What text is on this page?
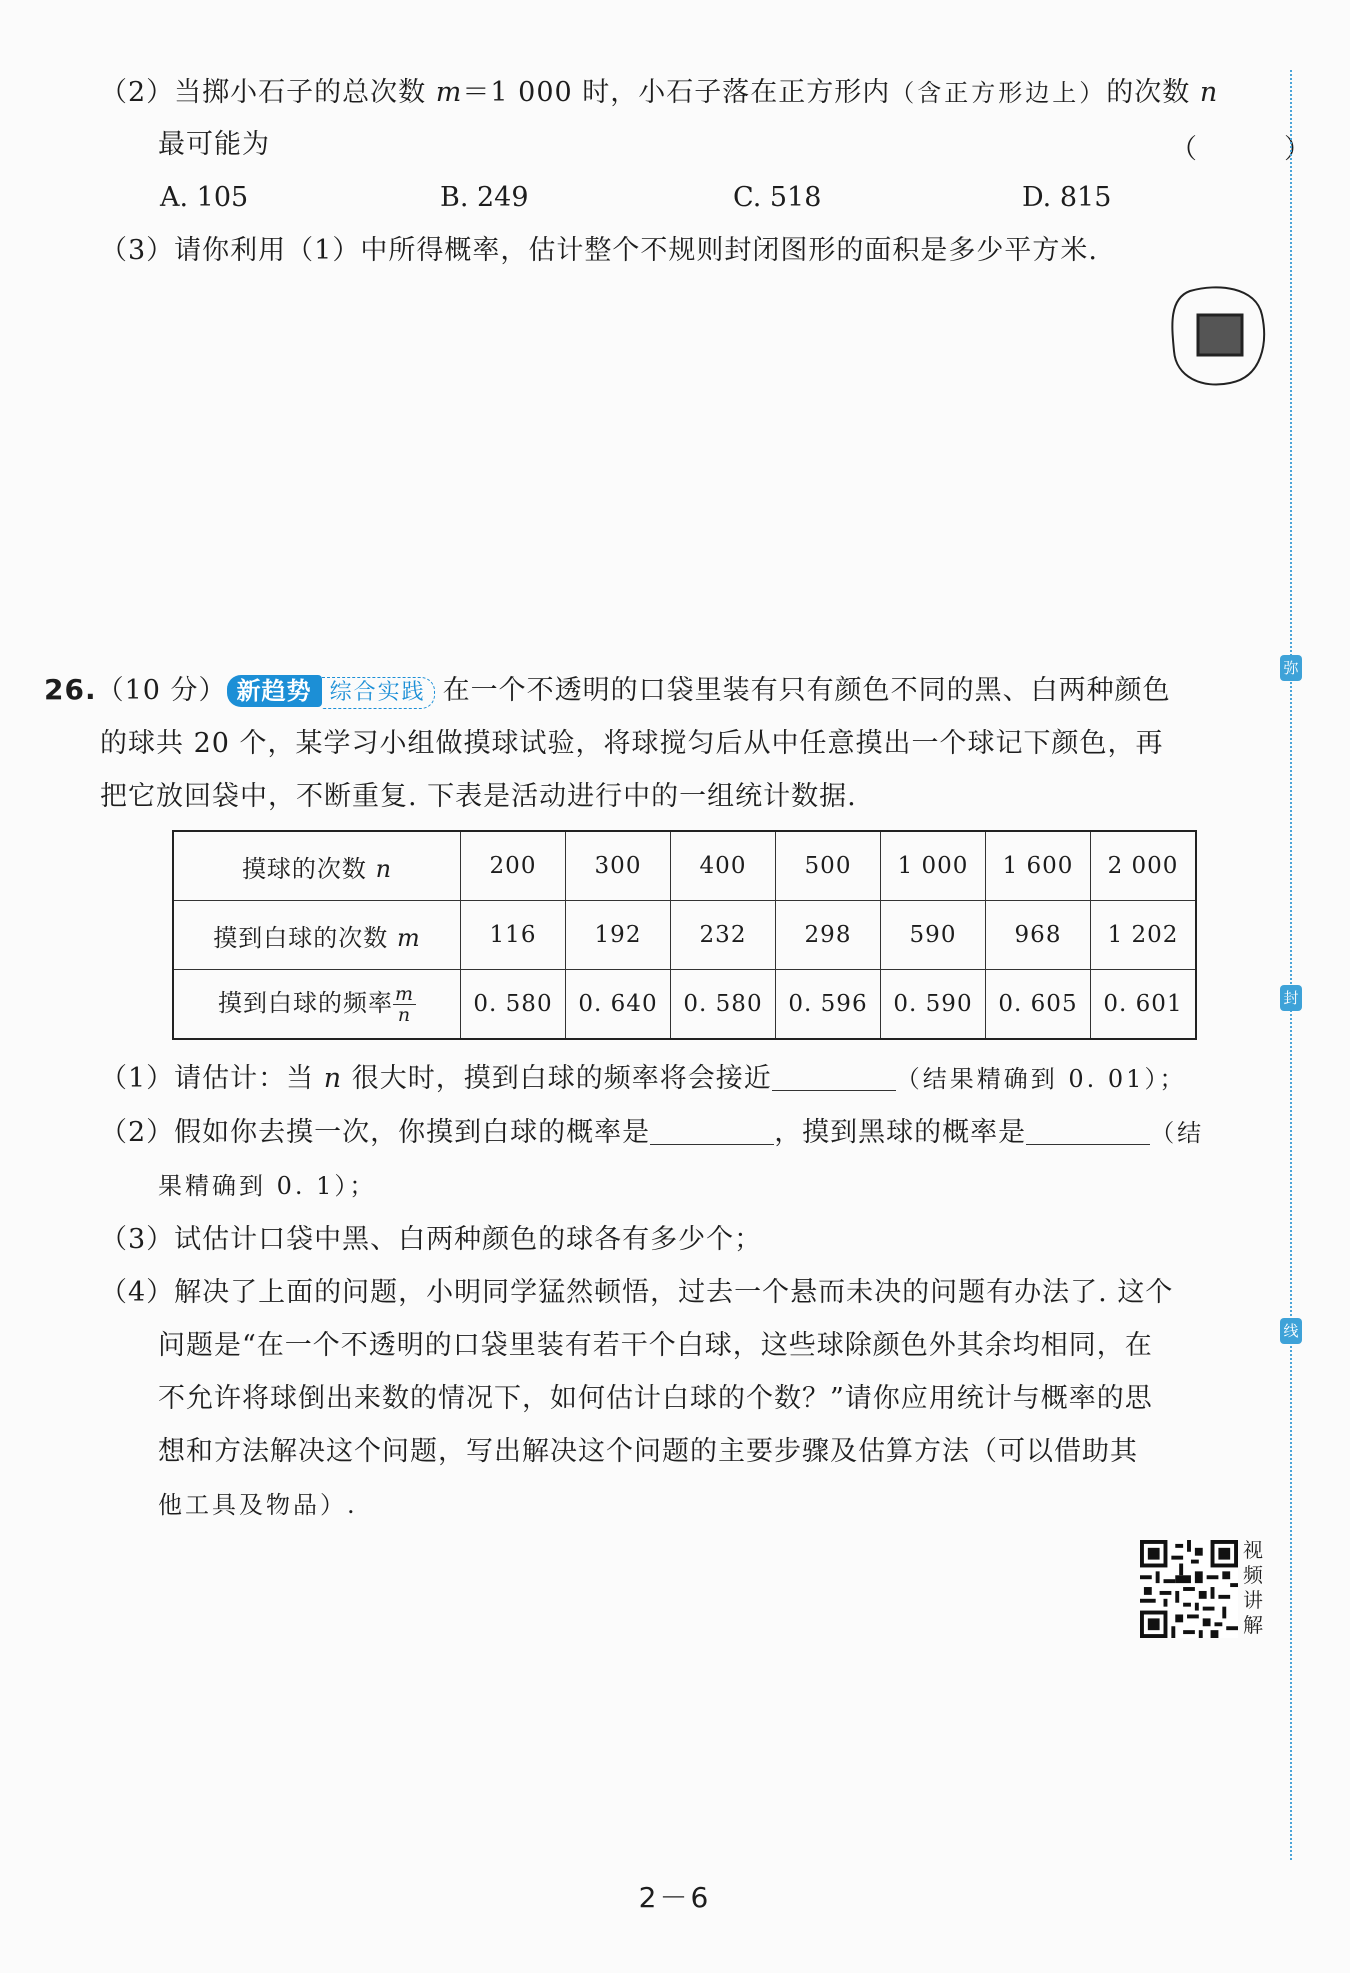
（2）当掷小石子的总次数 m＝1 000 时，小石子落在正方形内（含正方形边上）的次数 n
最可能为	（　）
A. 105	B. 249	C. 518	D. 815
（3）请你利用（1）中所得概率，估计整个不规则封闭图形的面积是多少平方米.
26.（10 分） 新趋势 综合实践 在一个不透明的口袋里装有只有颜色不同的黑、白两种颜色
的球共 20 个，某学习小组做摸球试验，将球搅匀后从中任意摸出一个球记下颜色，再
把它放回袋中，不断重复. 下表是活动进行中的一组统计数据.
摸球的次数 n	200	300	400	500	1 000	1 600	2 000
摸到白球的次数 m	116	192	232	298	590	968	1 202
摸到白球的频率 $\frac{m}{n}$	0. 580	0. 640	0. 580	0. 596	0. 590	0. 605	0. 601
（1）请估计：当 n 很大时，摸到白球的频率将会接近	（结果精确到 0. 01）；
（2）假如你去摸一次，你摸到白球的概率是	，摸到黑球的概率是	（结
果精确到 0. 1）；
（3）试估计口袋中黑、白两种颜色的球各有多少个；
（4）解决了上面的问题，小明同学猛然顿悟，过去一个悬而未决的问题有办法了. 这个
问题是“在一个不透明的口袋里装有若干个白球，这些球除颜色外其余均相同，在
不允许将球倒出来数的情况下，如何估计白球的个数？”请你应用统计与概率的思
想和方法解决这个问题，写出解决这个问题的主要步骤及估算方法（可以借助其
他工具及物品）.
弥
封
线
视
频
讲
解
2－6
